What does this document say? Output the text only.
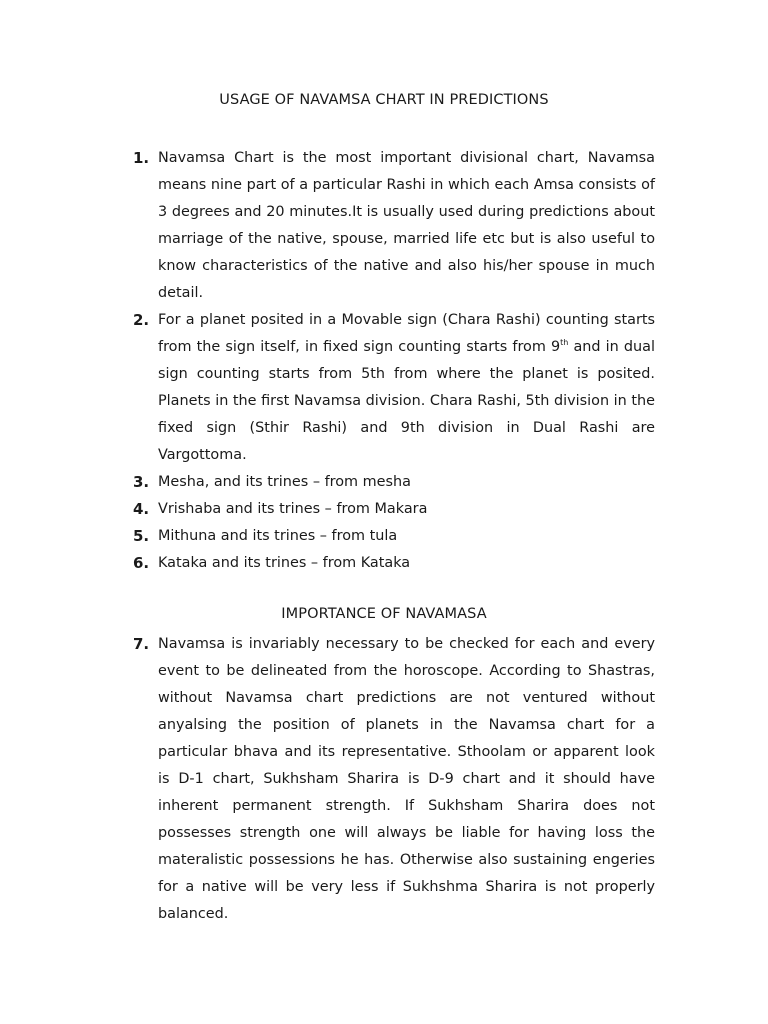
USAGE OF NAVAMSA CHART IN PREDICTIONS
1. Navamsa Chart is the most important divisional chart, Navamsa means nine part of a particular Rashi in which each Amsa consists of 3 degrees and 20 minutes.It is usually used during predictions about marriage of the native, spouse, married life etc but is also useful to know characteristics of the native and also his/her spouse in much detail.
2. For a planet posited in a Movable sign (Chara Rashi) counting starts from the sign itself, in fixed sign counting starts from 9th and in dual sign counting starts from 5th from where the planet is posited. Planets in the first Navamsa division. Chara Rashi, 5th division in the fixed sign (Sthir Rashi) and 9th division in Dual Rashi are Vargottoma.
3. Mesha, and its trines – from mesha
4. Vrishaba and its trines – from Makara
5. Mithuna and its trines – from tula
6. Kataka and its trines – from Kataka
IMPORTANCE OF NAVAMASA
7. Navamsa is invariably necessary to be checked for each and every event to be delineated from the horoscope. According to Shastras, without Navamsa chart predictions are not ventured without anyalsing the position of planets in the Navamsa chart for a particular bhava and its representative. Sthoolam or apparent look is D-1 chart, Sukhsham Sharira is D-9 chart and it should have inherent permanent strength. If Sukhsham Sharira does not possesses strength one will always be liable for having loss the materalistic possessions he has. Otherwise also sustaining engeries for a native will be very less if Sukhshma Sharira is not properly balanced.
